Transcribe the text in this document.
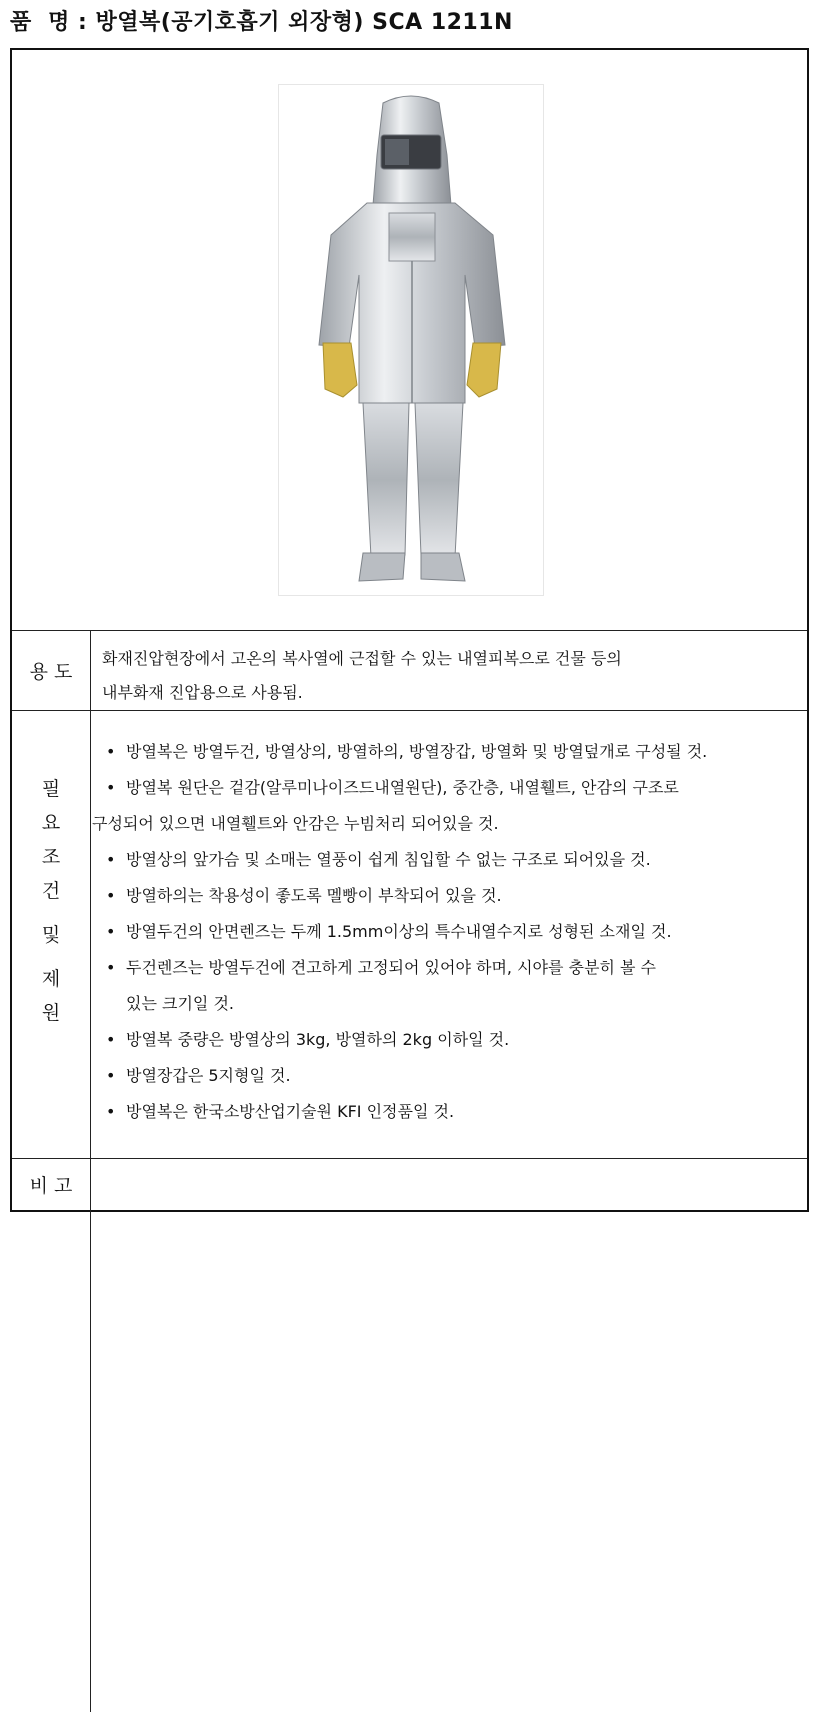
품  명 : 방열복(공기호흡기 외장형) SCA 1211N
용 도
화재진압현장에서 고온의 복사열에 근접할 수 있는 내열피복으로 건물 등의
내부화재 진압용으로 사용됨.
필
요
조
건
및
제
원
• 방열복은 방열두건, 방열상의, 방열하의, 방열장갑, 방열화 및 방열덮개로 구성될 것.
• 방열복 원단은 겉감(알루미나이즈드내열원단), 중간층, 내열휄트, 안감의 구조로
구성되어 있으면 내열휄트와 안감은 누빔처리 되어있을 것.
• 방열상의 앞가슴 및 소매는 열풍이 쉽게 침입할 수 없는 구조로 되어있을 것.
• 방열하의는 착용성이 좋도록 멜빵이 부착되어 있을 것.
• 방열두건의 안면렌즈는 두께 1.5mm이상의 특수내열수지로 성형된 소재일 것.
• 두건렌즈는 방열두건에 견고하게 고정되어 있어야 하며, 시야를 충분히 볼 수
있는 크기일 것.
• 방열복 중량은 방열상의 3kg, 방열하의 2kg 이하일 것.
• 방열장갑은 5지형일 것.
• 방열복은 한국소방산업기술원 KFI 인정품일 것.
비 고
